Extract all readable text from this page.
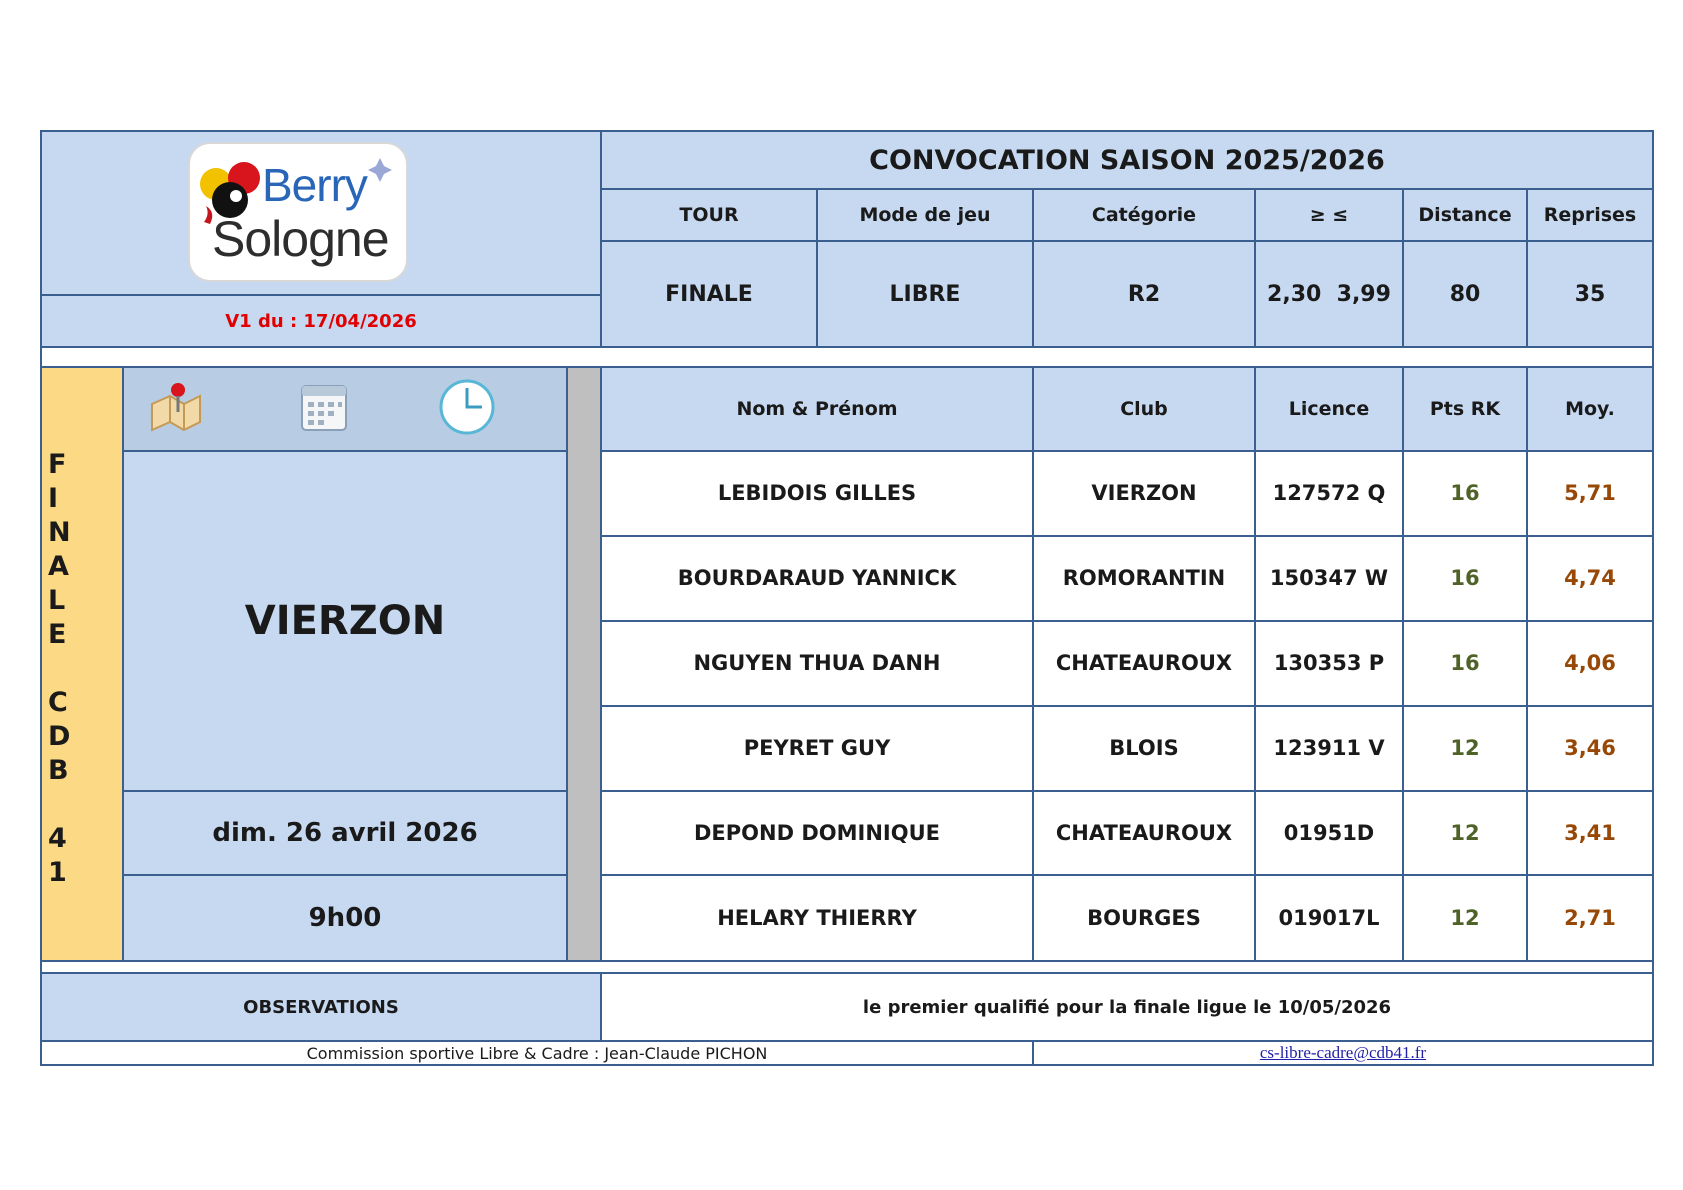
Berry
Sologne
V1 du : 17/04/2026
CONVOCATION SAISON 2025/2026
TOUR	Mode de jeu	Catégorie	≥ ≤	Distance	Reprises
FINALE	LIBRE	R2	2,30  3,99	80	35
F
I
N
A
L
E
C
D
B
4
1
VIERZON
dim. 26 avril 2026
9h00
Nom & Prénom	Club	Licence	Pts RK	Moy.
LEBIDOIS GILLES	VIERZON	127572 Q	16	5,71
BOURDARAUD YANNICK	ROMORANTIN	150347 W	16	4,74
NGUYEN THUA DANH	CHATEAUROUX	130353 P	16	4,06
PEYRET GUY	BLOIS	123911 V	12	3,46
DEPOND DOMINIQUE	CHATEAUROUX	01951D	12	3,41
HELARY THIERRY	BOURGES	019017L	12	2,71
OBSERVATIONS	le premier qualifié pour la finale ligue le 10/05/2026
Commission sportive Libre & Cadre : Jean-Claude PICHON	cs-libre-cadre@cdb41.fr
